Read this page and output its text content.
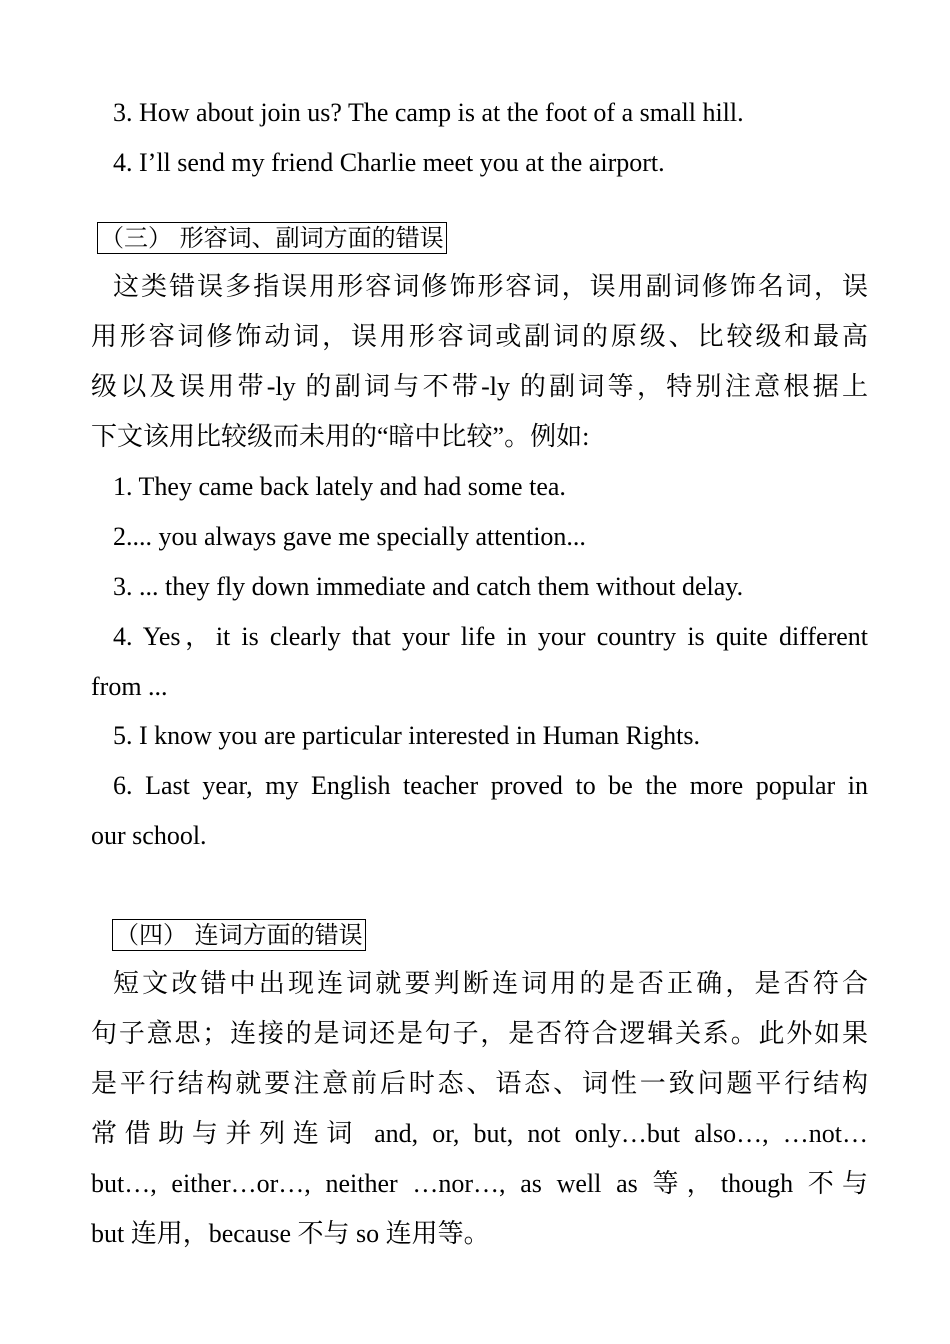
3. How about join us? The camp is at the foot of a small hill.
4. I’ll send my friend Charlie meet you at the airport.
（三） 形容词、副词方面的错误
这类错误多指误用形容词修饰形容词，误用副词修饰名词，误
用形容词修饰动词，误用形容词或副词的原级、比较级和最高
级以及误用带-ly 的副词与不带-ly 的副词等，特别注意根据上
下文该用比较级而未用的“暗中比较”。例如:
1. They came back lately and had some tea.
2.... you always gave me specially attention...
3. ... they fly down immediate and catch them without delay.
4. Yes，it is clearly that your life in your country is quite different
from ...
5. I know you are particular interested in Human Rights.
6. Last year, my English teacher proved to be the more popular in
our school.
（四） 连词方面的错误
短文改错中出现连词就要判断连词用的是否正确，是否符合
句子意思；连接的是词还是句子，是否符合逻辑关系。此外如果
是平行结构就要注意前后时态、语态、词性一致问题平行结构
常借助与并列连词 and, or, but, not only…but also…, …not…
but…, either…or…, neither …nor…, as well as 等，though 不与
but 连用，because 不与 so 连用等。
